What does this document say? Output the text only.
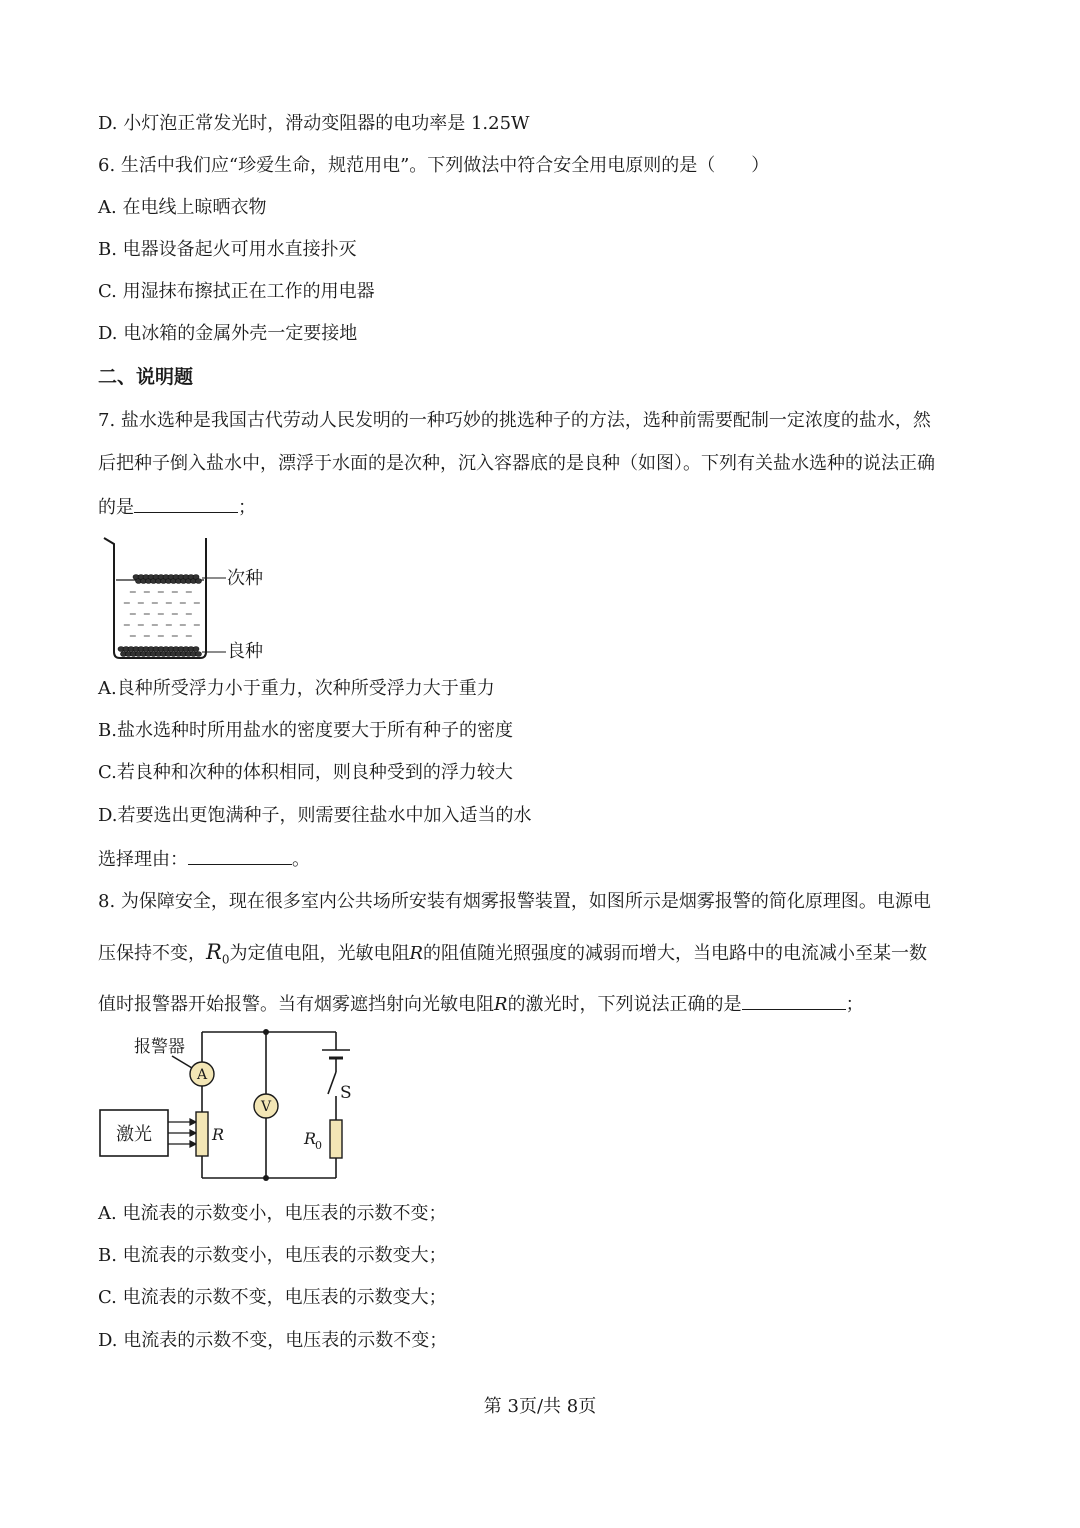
D. 小灯泡正常发光时，滑动变阻器的电功率是 1.25W
6. 生活中我们应“珍爱生命，规范用电”。下列做法中符合安全用电原则的是（　　）
A. 在电线上晾晒衣物
B. 电器设备起火可用水直接扑灭
C. 用湿抹布擦拭正在工作的用电器
D. 电冰箱的金属外壳一定要接地
二、说明题
7. 盐水选种是我国古代劳动人民发明的一种巧妙的挑选种子的方法，选种前需要配制一定浓度的盐水，然
后把种子倒入盐水中，漂浮于水面的是次种，沉入容器底的是良种（如图）。下列有关盐水选种的说法正确
的是	；
次种
良种
A.良种所受浮力小于重力，次种所受浮力大于重力
B.盐水选种时所用盐水的密度要大于所有种子的密度
C.若良种和次种的体积相同，则良种受到的浮力较大
D.若要选出更饱满种子，则需要往盐水中加入适当的水
选择理由：	。
8. 为保障安全，现在很多室内公共场所安装有烟雾报警装置，如图所示是烟雾报警的简化原理图。电源电
压保持不变，$R_0$为定值电阻，光敏电阻R的阻值随光照强度的减弱而增大，当电路中的电流减小至某一数
值时报警器开始报警。当有烟雾遮挡射向光敏电阻R的激光时，下列说法正确的是	；
报警器
A
V
S
激光	R	R
0
A. 电流表的示数变小，电压表的示数不变；
B. 电流表的示数变小，电压表的示数变大；
C. 电流表的示数不变，电压表的示数变大；
D. 电流表的示数不变，电压表的示数不变；
第 3页/共 8页
